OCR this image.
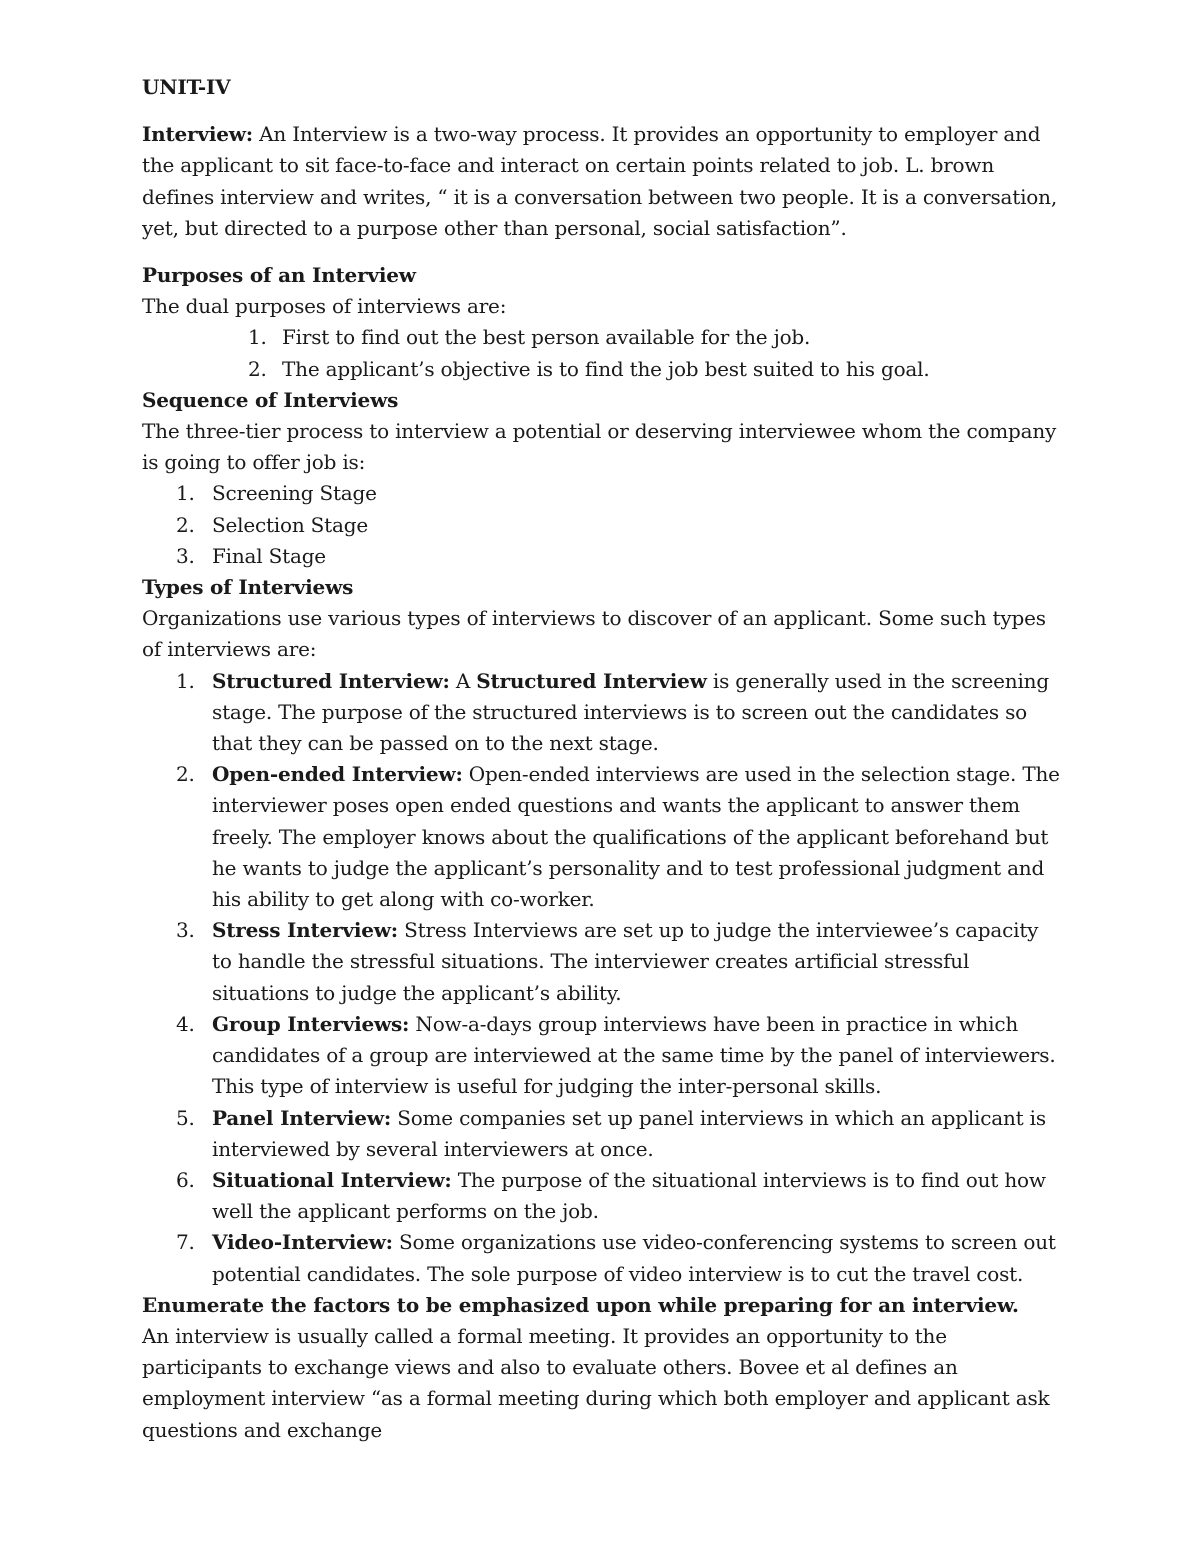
UNIT-IV

Interview: An Interview is a two-way process. It provides an opportunity to employer and the applicant to sit face-to-face and interact on certain points related to job. L. brown defines interview and writes, “ it is a conversation between two people. It is a conversation, yet, but directed to a purpose other than personal, social satisfaction”.

Purposes of an Interview

The dual purposes of interviews are:

1. First to find out the best person available for the job.
2. The applicant’s objective is to find the job best suited to his goal.

Sequence of Interviews

The three-tier process to interview a potential or deserving interviewee whom the company is going to offer job is:

1. Screening Stage
2. Selection Stage
3. Final Stage

Types of Interviews

Organizations use various types of interviews to discover of an applicant. Some such types of interviews are:

1. Structured Interview: A Structured Interview is generally used in the screening stage. The purpose of the structured interviews is to screen out the candidates so that they can be passed on to the next stage.
2. Open-ended Interview: Open-ended interviews are used in the selection stage. The interviewer poses open ended questions and wants the applicant to answer them freely. The employer knows about the qualifications of the applicant beforehand but he wants to judge the applicant’s personality and to test professional judgment and his ability to get along with co-worker.
3. Stress Interview: Stress Interviews are set up to judge the interviewee’s capacity to handle the stressful situations. The interviewer creates artificial stressful situations to judge the applicant’s ability.
4. Group Interviews: Now-a-days group interviews have been in practice in which candidates of a group are interviewed at the same time by the panel of interviewers. This type of interview is useful for judging the inter-personal skills.
5. Panel Interview: Some companies set up panel interviews in which an applicant is interviewed by several interviewers at once.
6. Situational Interview: The purpose of the situational interviews is to find out how well the applicant performs on the job.
7. Video-Interview: Some organizations use video-conferencing systems to screen out potential candidates. The sole purpose of video interview is to cut the travel cost.

Enumerate the factors to be emphasized upon while preparing for an interview.

An interview is usually called a formal meeting. It provides an opportunity to the participants to exchange views and also to evaluate others. Bovee et al defines an employment interview “as a formal meeting during which both employer and applicant ask questions and exchange
